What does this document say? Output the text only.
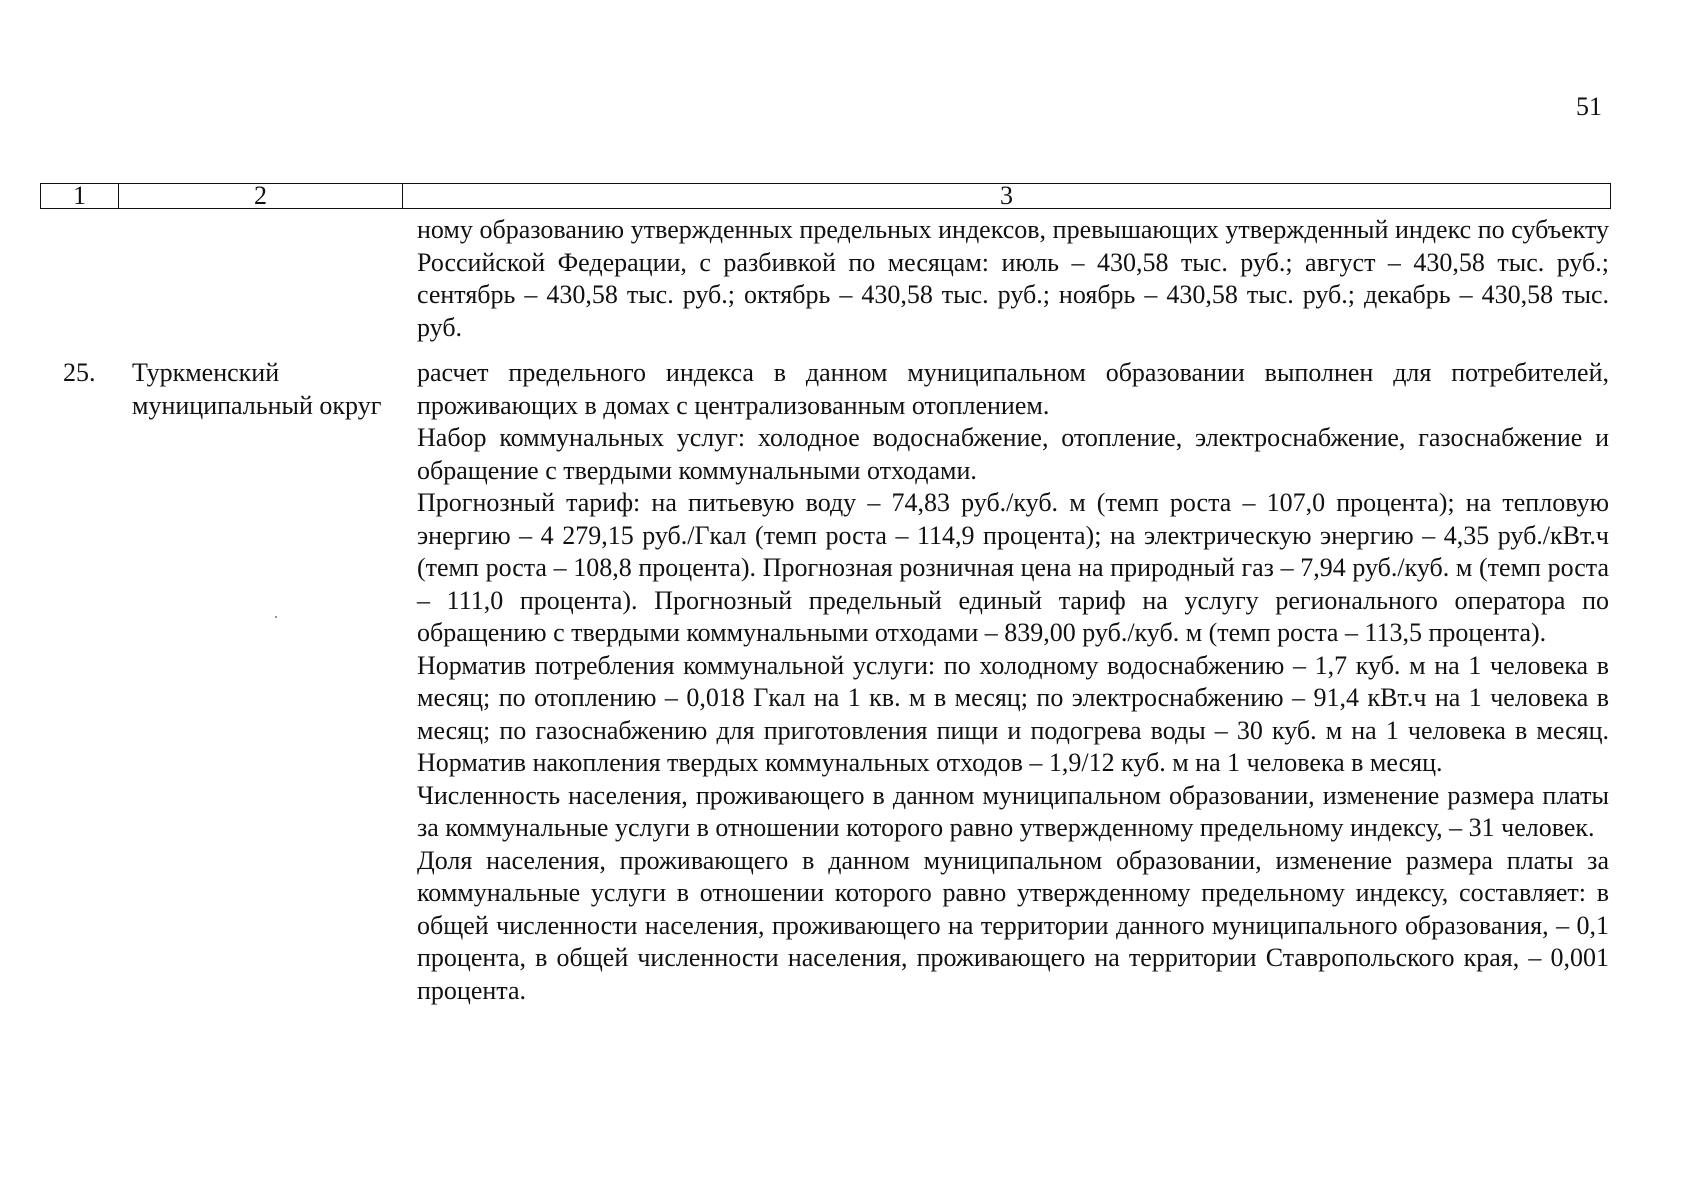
51
1	2	3
ному образованию утвержденных предельных индексов, превышающих утвержденный индекс по субъекту Российской Федерации, с разбивкой по месяцам: июль – 430,58 тыс. руб.; август – 430,58 тыс. руб.; сентябрь – 430,58 тыс. руб.; октябрь – 430,58 тыс. руб.; ноябрь – 430,58 тыс. руб.; декабрь – 430,58 тыс. руб.
25. Туркменский муниципальный округ

расчет предельного индекса в данном муниципальном образовании выполнен для потребителей, проживающих в домах с централизованным отоплением.

Набор коммунальных услуг: холодное водоснабжение, отопление, электроснабжение, газоснабжение и обращение с твердыми коммунальными отходами.

Прогнозный тариф: на питьевую воду – 74,83 руб./куб. м (темп роста – 107,0 процента); на тепловую энергию – 4 279,15 руб./Гкал (темп роста – 114,9 процента); на электрическую энергию – 4,35 руб./кВт.ч (темп роста – 108,8 процента). Прогнозная розничная цена на природный газ – 7,94 руб./куб. м (темп роста – 111,0 процента). Прогнозный предельный единый тариф на услугу регионального оператора по обращению с твердыми коммунальными отходами – 839,00 руб./куб. м (темп роста – 113,5 процента).

Норматив потребления коммунальной услуги: по холодному водоснабжению – 1,7 куб. м на 1 человека в месяц; по отоплению – 0,018 Гкал на 1 кв. м в месяц; по электроснабжению – 91,4 кВт.ч на 1 человека в месяц; по газоснабжению для приготовления пищи и подогрева воды – 30 куб. м на 1 человека в месяц. Норматив накопления твердых коммунальных отходов – 1,9/12 куб. м на 1 человека в месяц.

Численность населения, проживающего в данном муниципальном образовании, изменение размера платы за коммунальные услуги в отношении которого равно утвержденному предельному индексу, – 31 человек.

Доля населения, проживающего в данном муниципальном образовании, изменение размера платы за коммунальные услуги в отношении которого равно утвержденному предельному индексу, составляет: в общей численности населения, проживающего на территории данного муниципального образования, – 0,1 процента, в общей численности населения, проживающего на территории Ставропольского края, – 0,001 процента.
